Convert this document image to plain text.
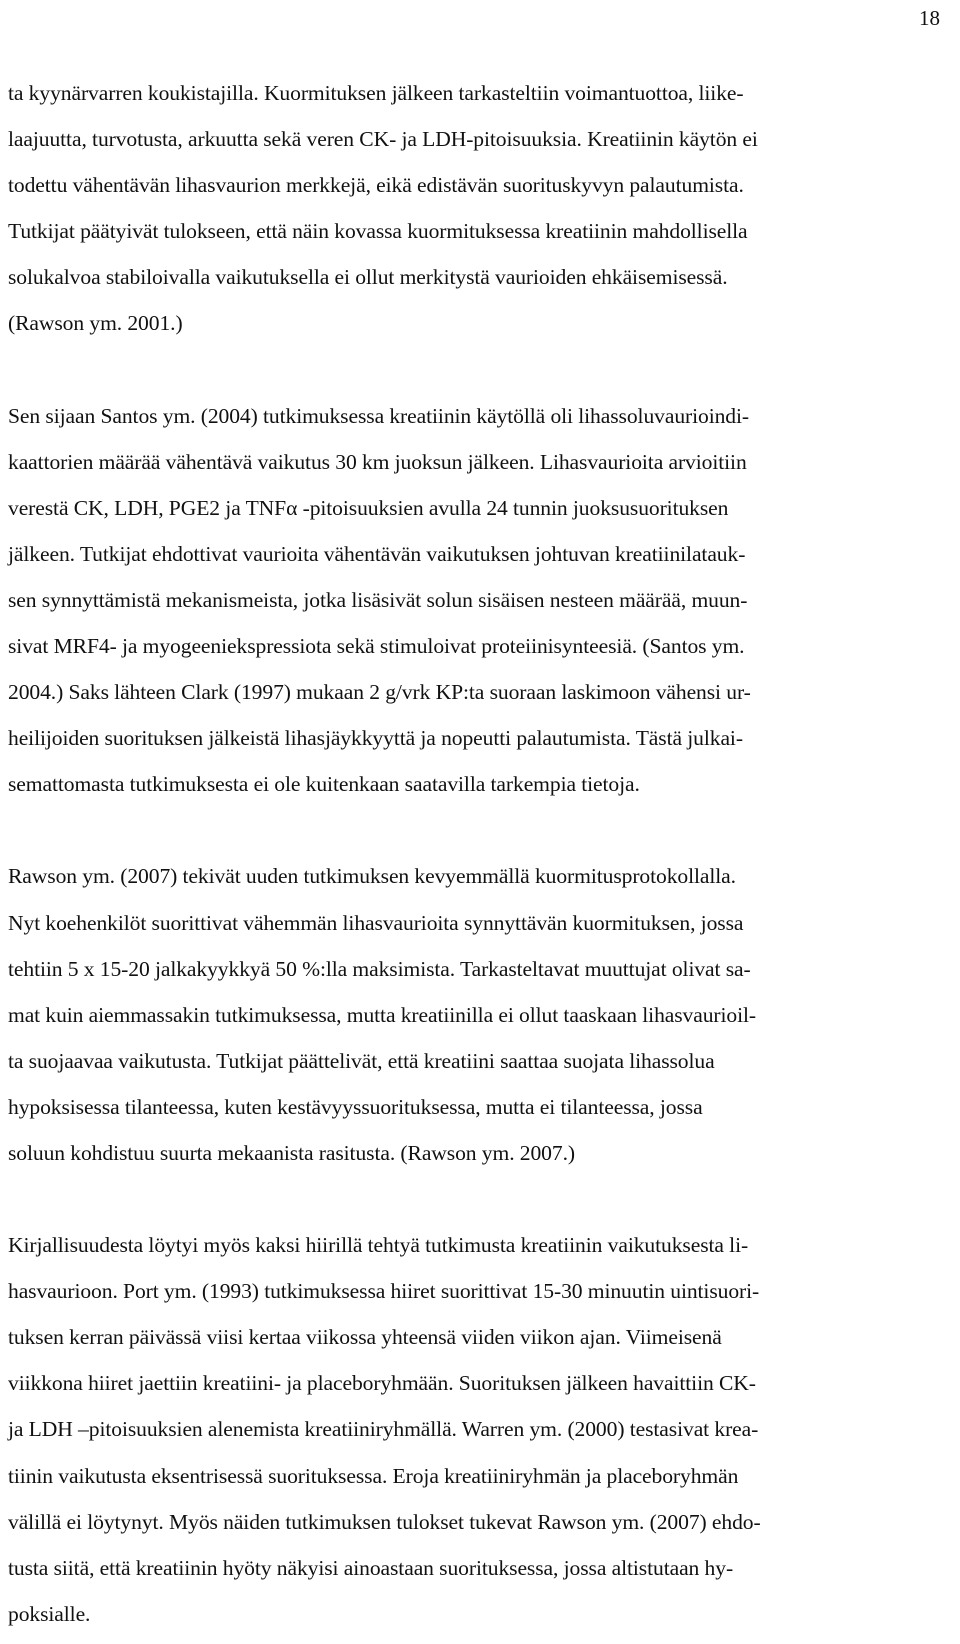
18

ta kyynärvarren koukistajilla. Kuormituksen jälkeen tarkasteltiin voimantuottoa, liike-
laajuutta, turvotusta, arkuutta sekä veren CK- ja LDH-pitoisuuksia. Kreatiinin käytön ei
todettu vähentävän lihasvaurion merkkejä, eikä edistävän suorituskyvyn palautumista.
Tutkijat päätyivät tulokseen, että näin kovassa kuormituksessa kreatiinin mahdollisella
solukalvoa stabiloivalla vaikutuksella ei ollut merkitystä vaurioiden ehkäisemisessä.
(Rawson ym. 2001.)

Sen sijaan Santos ym. (2004) tutkimuksessa kreatiinin käytöllä oli lihassoluvaurioindi-
kaattorien määrää vähentävä vaikutus 30 km juoksun jälkeen. Lihasvaurioita arvioitiin
verestä CK, LDH, PGE2 ja TNFα -pitoisuuksien avulla 24 tunnin juoksusuorituksen
jälkeen. Tutkijat ehdottivat vaurioita vähentävän vaikutuksen johtuvan kreatiinilatauk-
sen synnyttämistä mekanismeista, jotka lisäsivät solun sisäisen nesteen määrää, muun-
sivat MRF4- ja myogeeniekspressiota sekä stimuloivat proteiinisynteesiä. (Santos ym.
2004.) Saks lähteen Clark (1997) mukaan 2 g/vrk KP:ta suoraan laskimoon vähensi ur-
heilijoiden suorituksen jälkeistä lihasjäykkyyttä ja nopeutti palautumista. Tästä julkai-
semattomasta tutkimuksesta ei ole kuitenkaan saatavilla tarkempia tietoja.

Rawson ym. (2007) tekivät uuden tutkimuksen kevyemmällä kuormitusprotokollalla.
Nyt koehenkilöt suorittivat vähemmän lihasvaurioita synnyttävän kuormituksen, jossa
tehtiin 5 x 15-20 jalkakyykkyä 50 %:lla maksimista. Tarkasteltavat muuttujat olivat sa-
mat kuin aiemmassakin tutkimuksessa, mutta kreatiinilla ei ollut taaskaan lihasvaurioil-
ta suojaavaa vaikutusta. Tutkijat päättelivät, että kreatiini saattaa suojata lihassolua
hypoksisessa tilanteessa, kuten kestävyyssuorituksessa, mutta ei tilanteessa, jossa
soluun kohdistuu suurta mekaanista rasitusta. (Rawson ym. 2007.)

Kirjallisuudesta löytyi myös kaksi hiirillä tehtyä tutkimusta kreatiinin vaikutuksesta li-
hasvaurioon. Port ym. (1993) tutkimuksessa hiiret suorittivat 15-30 minuutin uintisuori-
tuksen kerran päivässä viisi kertaa viikossa yhteensä viiden viikon ajan. Viimeisenä
viikkona hiiret jaettiin kreatiini- ja placeboryhmään. Suorituksen jälkeen havaittiin CK-
ja LDH –pitoisuuksien alenemista kreatiiniryhmällä. Warren ym. (2000) testasivat krea-
tiinin vaikutusta eksentrisessä suorituksessa. Eroja kreatiiniryhmän ja placeboryhmän
välillä ei löytynyt. Myös näiden tutkimuksen tulokset tukevat Rawson ym. (2007) ehdo-
tusta siitä, että kreatiinin hyöty näkyisi ainoastaan suorituksessa, jossa altistutaan hy-
poksialle.
